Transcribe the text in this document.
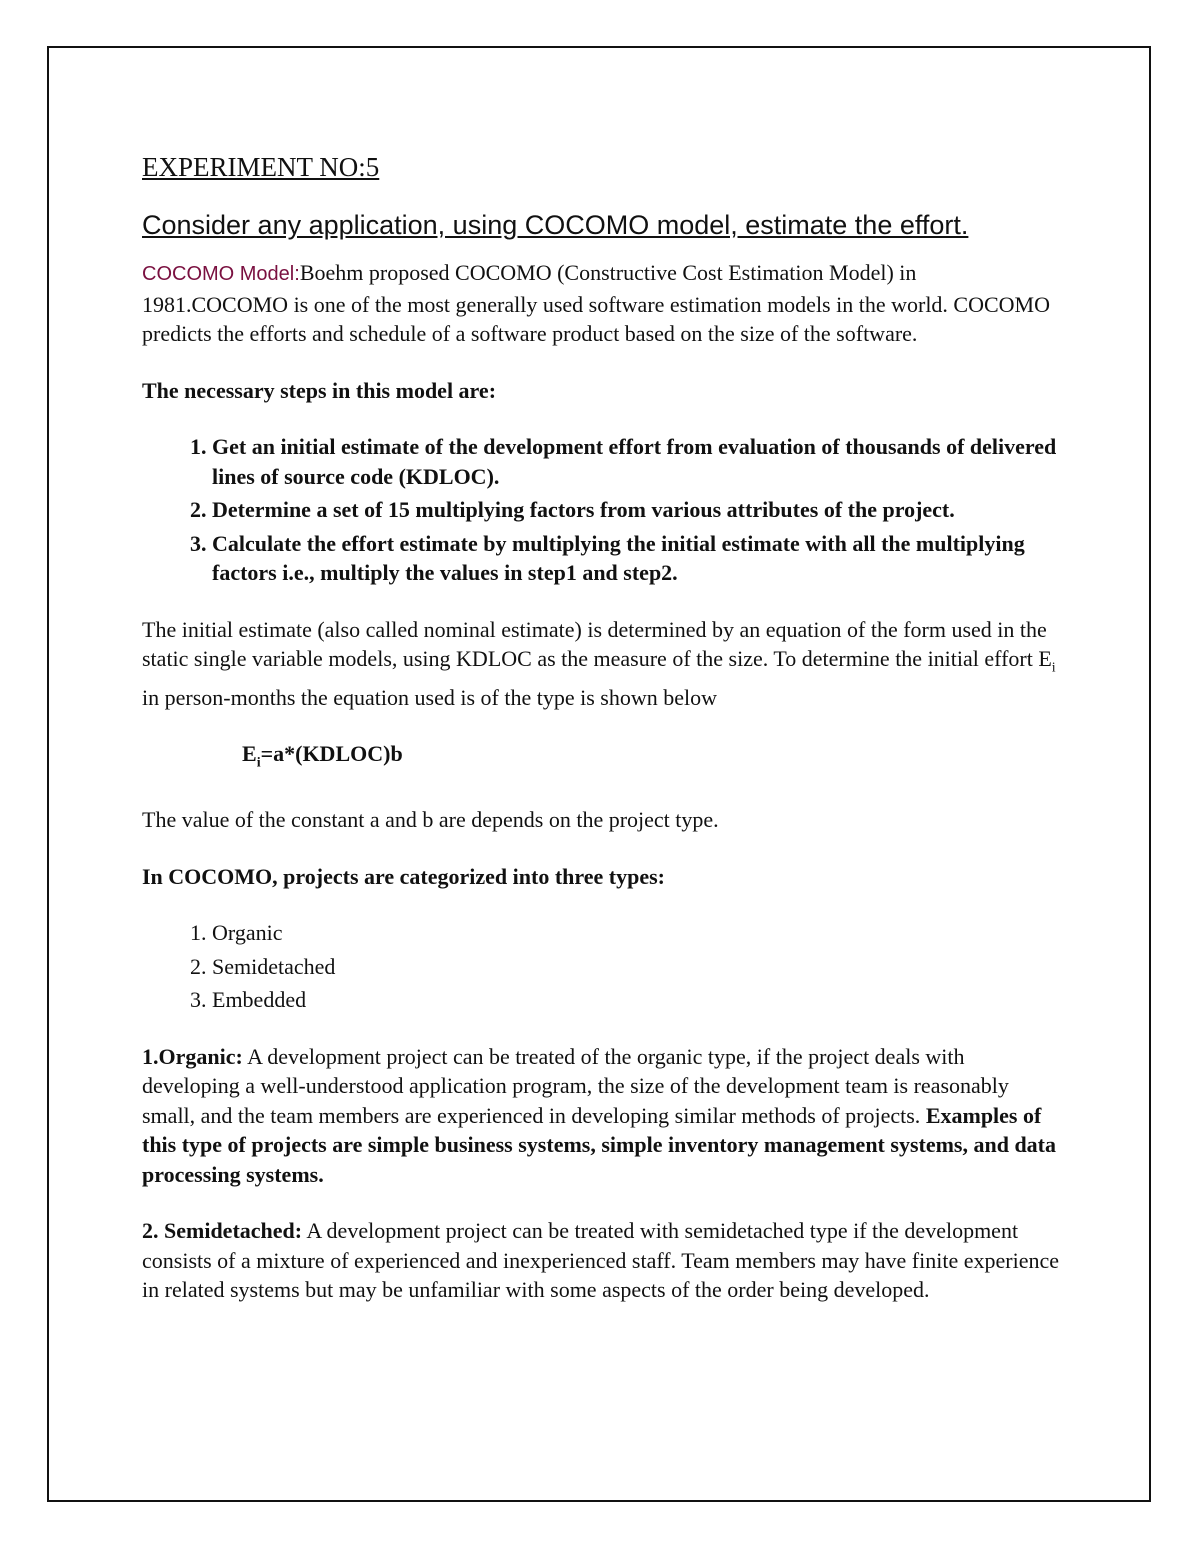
EXPERIMENT NO:5
Consider any application, using COCOMO model, estimate the effort.

COCOMO Model:Boehm proposed COCOMO (Constructive Cost Estimation Model) in 1981.COCOMO is one of the most generally used software estimation models in the world. COCOMO predicts the efforts and schedule of a software product based on the size of the software.

The necessary steps in this model are:

1. Get an initial estimate of the development effort from evaluation of thousands of delivered lines of source code (KDLOC).
2. Determine a set of 15 multiplying factors from various attributes of the project.
3. Calculate the effort estimate by multiplying the initial estimate with all the multiplying factors i.e., multiply the values in step1 and step2.

The initial estimate (also called nominal estimate) is determined by an equation of the form used in the static single variable models, using KDLOC as the measure of the size. To determine the initial effort $E_i$ in person-months the equation used is of the type is shown below

$E_i=a*(KDLOC)b$

The value of the constant a and b are depends on the project type.

In COCOMO, projects are categorized into three types:

1. Organic
2. Semidetached
3. Embedded

1.Organic: A development project can be treated of the organic type, if the project deals with developing a well-understood application program, the size of the development team is reasonably small, and the team members are experienced in developing similar methods of projects. Examples of this type of projects are simple business systems, simple inventory management systems, and data processing systems.

2. Semidetached: A development project can be treated with semidetached type if the development consists of a mixture of experienced and inexperienced staff. Team members may have finite experience in related systems but may be unfamiliar with some aspects of the order being developed.
